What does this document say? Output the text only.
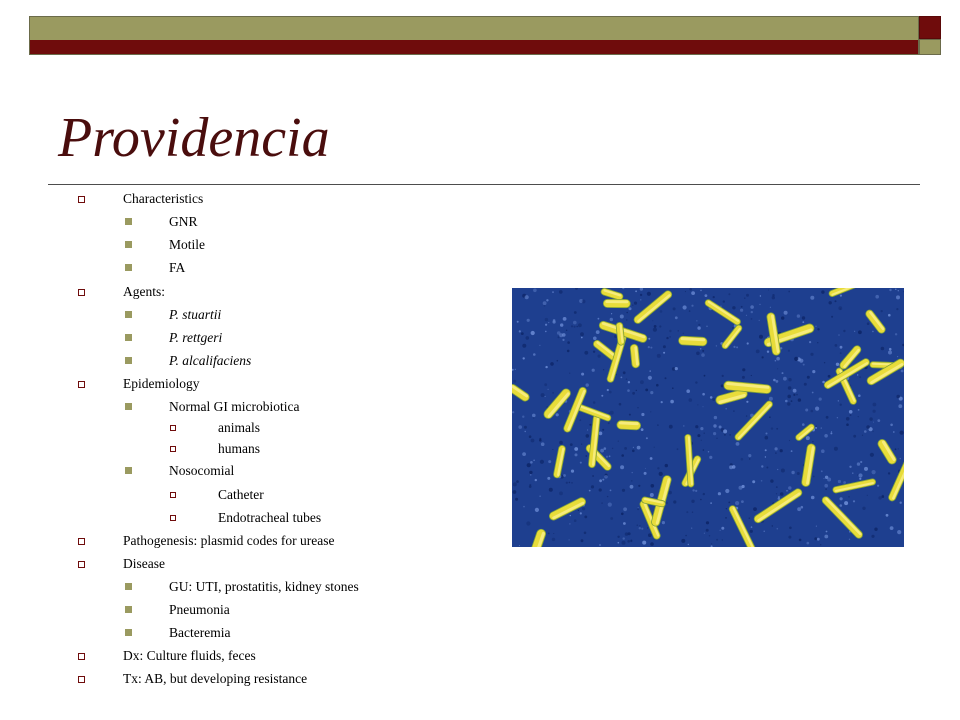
Providencia
Characteristics
GNR
Motile
FA
Agents:
P. stuartii
P. rettgeri
P. alcalifaciens
Epidemiology
Normal GI microbiotica
animals
humans
Nosocomial
Catheter
Endotracheal tubes
Pathogenesis: plasmid codes for urease
Disease
GU: UTI, prostatitis, kidney stones
Pneumonia
Bacteremia
Dx: Culture fluids, feces
Tx: AB, but developing resistance
